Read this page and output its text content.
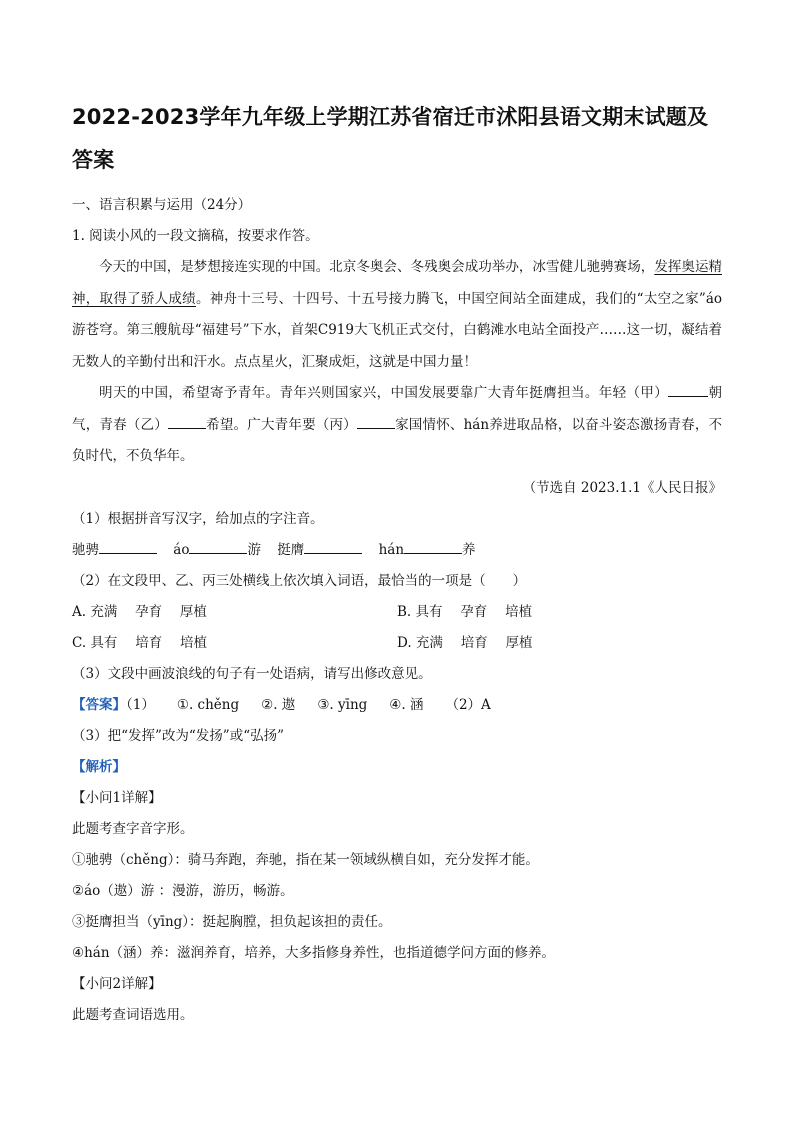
2022-2023学年九年级上学期江苏省宿迁市沭阳县语文期末试题及答案
一、语言积累与运用（24分）
1. 阅读小风的一段文摘稿，按要求作答。

今天的中国，是梦想接连实现的中国。北京冬奥会、冬残奥会成功举办，冰雪健儿驰骋赛场，发挥奥运精神，取得了骄人成绩。神舟十三号、十四号、十五号接力腾飞，中国空间站全面建成，我们的“太空之家”áo游苍穹。第三艘航母“福建号”下水，首架C919大飞机正式交付，白鹤滩水电站全面投产……这一切，凝结着无数人的辛勤付出和汗水。点点星火，汇聚成炬，这就是中国力量！

明天的中国，希望寄予青年。青年兴则国家兴，中国发展要靠广大青年挺膺担当。年轻（甲）	朝气，青春（乙）	希望。广大青年要（丙）	家国情怀、hán养进取品格，以奋斗姿态激扬青春，不负时代，不负华年。

（节选自 2023.1.1《人民日报》
（1）根据拼音写汉字，给加点的字注音。
驰骋	áo	游 挺膺	hán	养
（2）在文段甲、乙、丙三处横线上依次填入词语，最恰当的一项是（　　）
A. 充满　 孕育　 厚植	B. 具有　 孕育　 培植
C. 具有　 培育　 培植	D. 充满　 培育　 厚植
（3）文段中画波浪线的句子有一处语病，请写出修改意见。
【答案】（1） ①. chěng ②. 遨 ③. yīng ④. 涵 （2）A
（3）把“发挥”改为“发扬”或“弘扬”
【解析】
【小问1详解】
此题考查字音字形。
①驰骋（chěng）：骑马奔跑，奔驰，指在某一领域纵横自如，充分发挥才能。
②áo（遨）游 ：漫游，游历，畅游。
③挺膺担当（yīng）：挺起胸膛，担负起该担的责任。
④hán（涵）养：滋润养育，培养，大多指修身养性，也指道德学问方面的修养。
【小问2详解】
此题考查词语选用。
